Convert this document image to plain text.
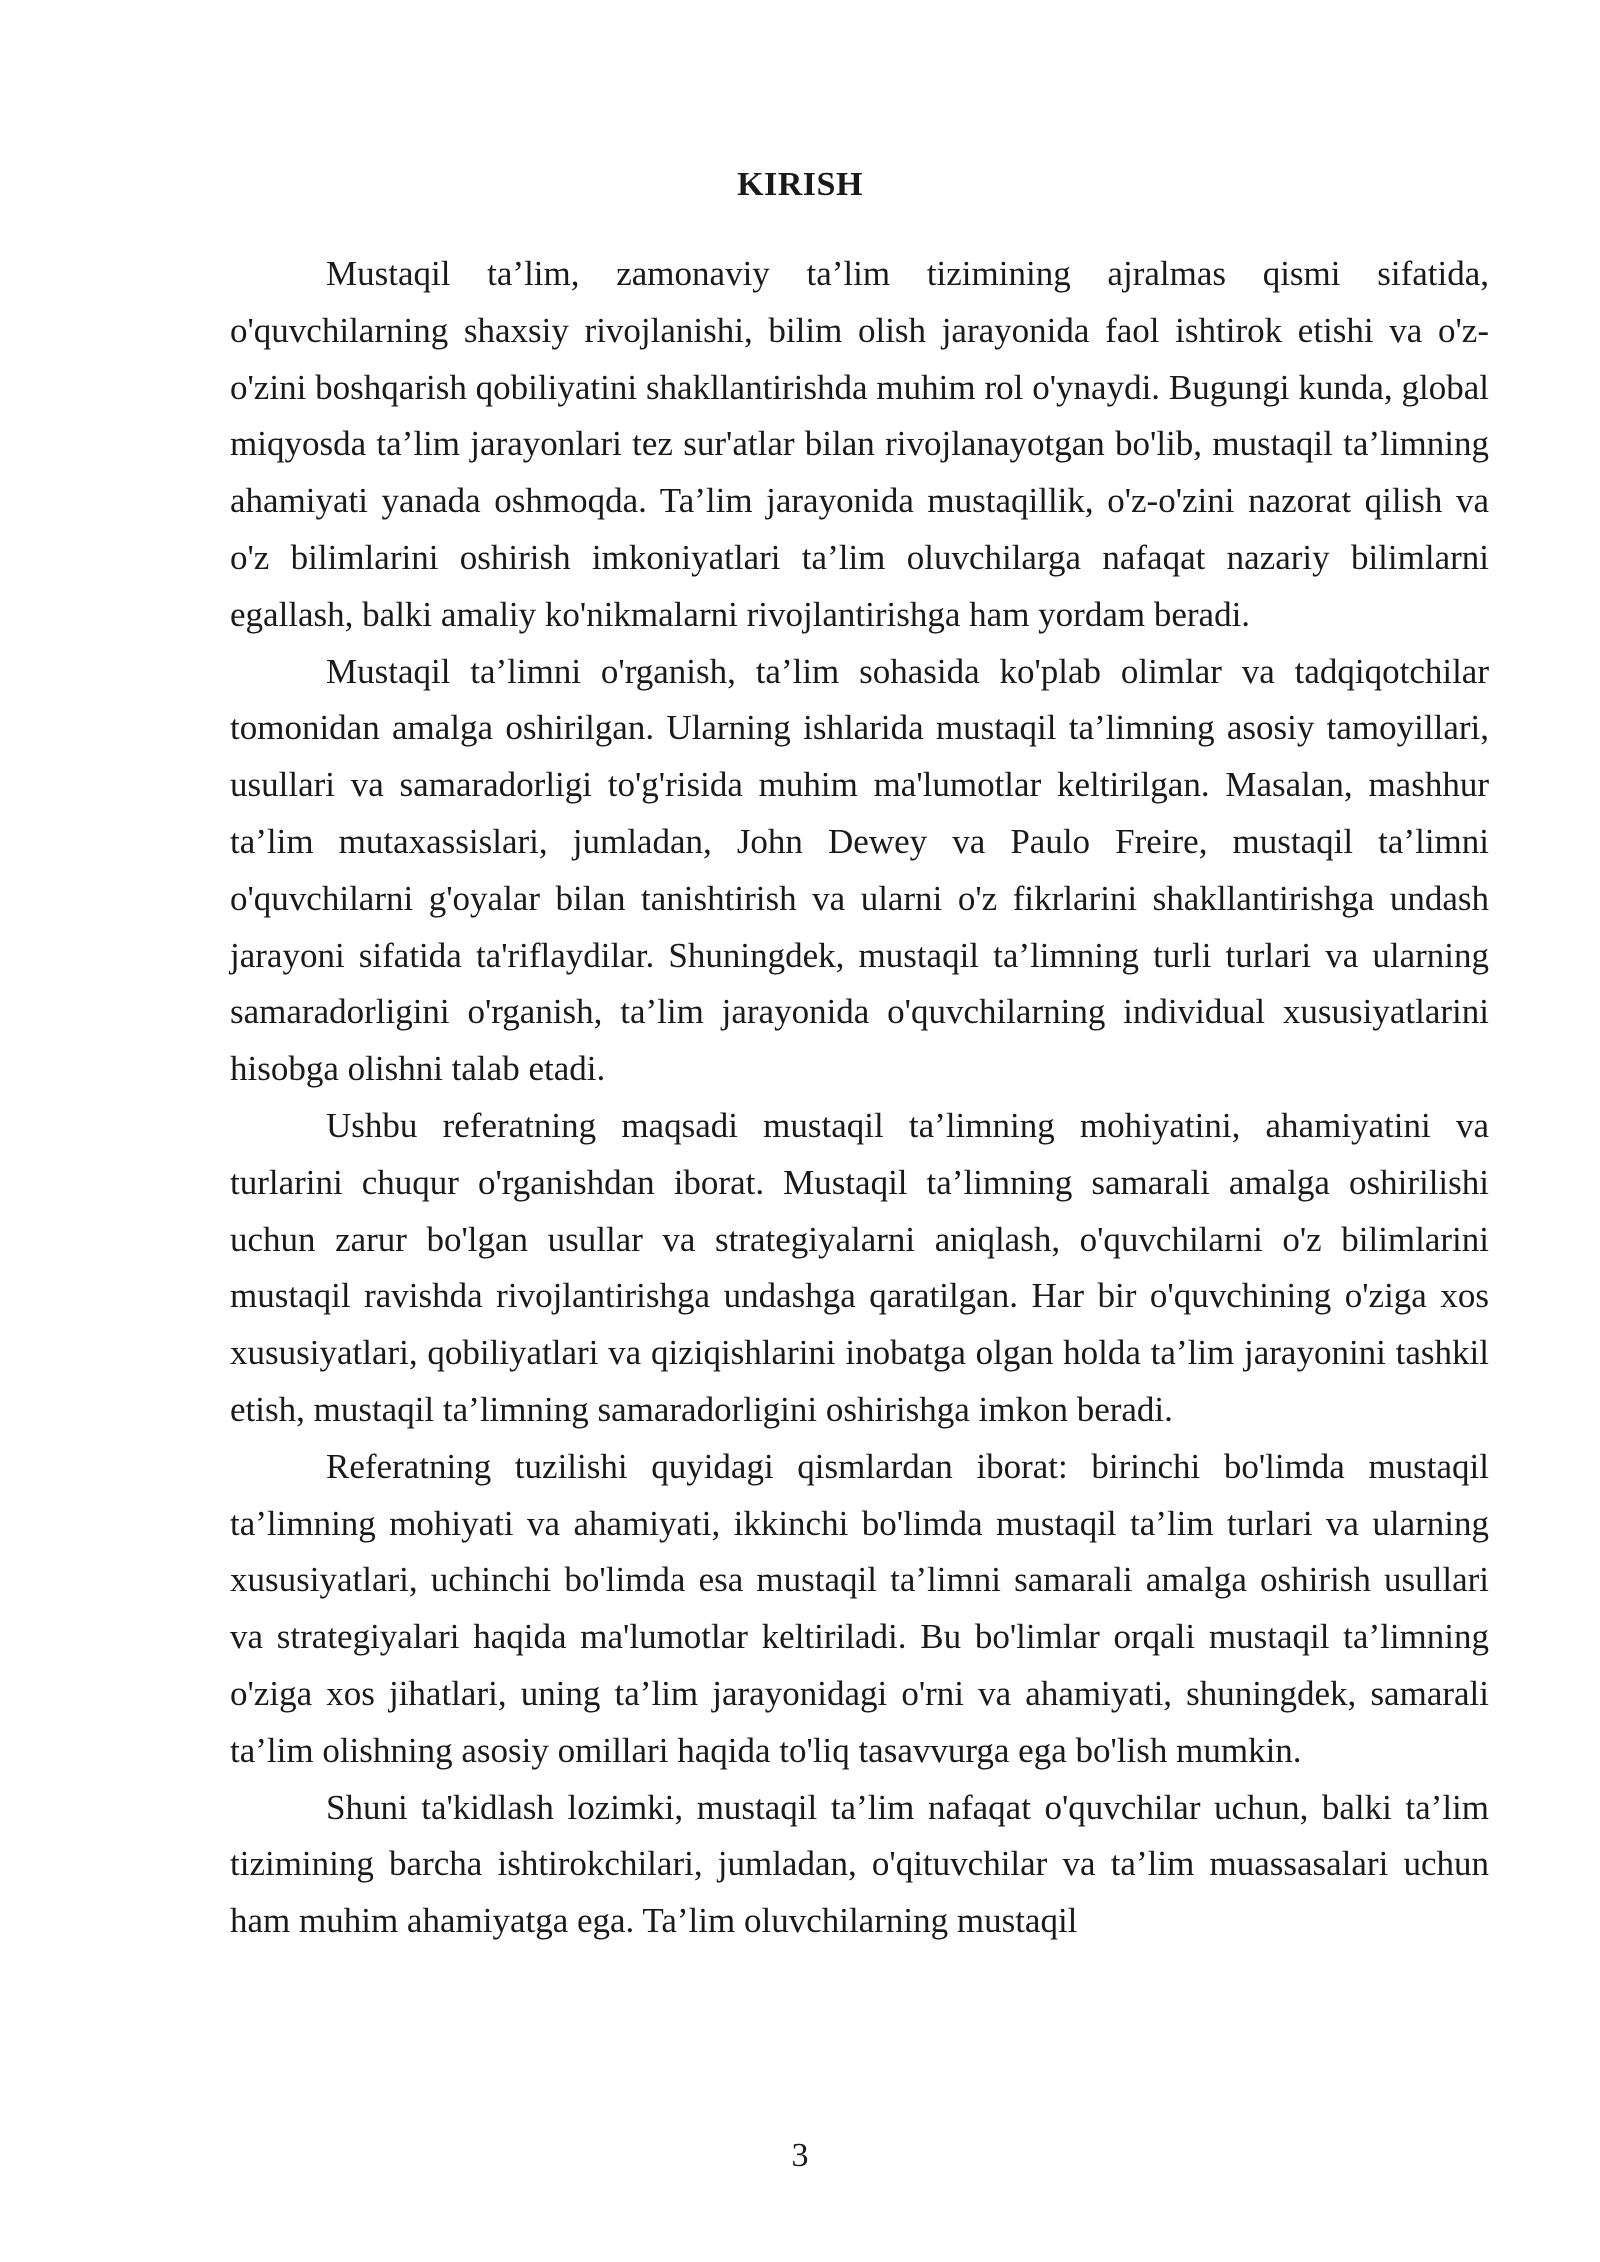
KIRISH

Mustaqil ta’lim, zamonaviy ta’lim tizimining ajralmas qismi sifatida, o'quvchilarning shaxsiy rivojlanishi, bilim olish jarayonida faol ishtirok etishi va o'z-o'zini boshqarish qobiliyatini shakllantirishda muhim rol o'ynaydi. Bugungi kunda, global miqyosda ta’lim jarayonlari tez sur'atlar bilan rivojlanayotgan bo'lib, mustaqil ta’limning ahamiyati yanada oshmoqda. Ta’lim jarayonida mustaqillik, o'z-o'zini nazorat qilish va o'z bilimlarini oshirish imkoniyatlari ta’lim oluvchilarga nafaqat nazariy bilimlarni egallash, balki amaliy ko'nikmalarni rivojlantirishga ham yordam beradi.

Mustaqil ta’limni o'rganish, ta’lim sohasida ko'plab olimlar va tadqiqotchilar tomonidan amalga oshirilgan. Ularning ishlarida mustaqil ta’limning asosiy tamoyillari, usullari va samaradorligi to'g'risida muhim ma'lumotlar keltirilgan. Masalan, mashhur ta’lim mutaxassislari, jumladan, John Dewey va Paulo Freire, mustaqil ta’limni o'quvchilarni g'oyalar bilan tanishtirish va ularni o'z fikrlarini shakllantirishga undash jarayoni sifatida ta'riflaydilar. Shuningdek, mustaqil ta’limning turli turlari va ularning samaradorligini o'rganish, ta’lim jarayonida o'quvchilarning individual xususiyatlarini hisobga olishni talab etadi.

Ushbu referatning maqsadi mustaqil ta’limning mohiyatini, ahamiyatini va turlarini chuqur o'rganishdan iborat. Mustaqil ta’limning samarali amalga oshirilishi uchun zarur bo'lgan usullar va strategiyalarni aniqlash, o'quvchilarni o'z bilimlarini mustaqil ravishda rivojlantirishga undashga qaratilgan. Har bir o'quvchining o'ziga xos xususiyatlari, qobiliyatlari va qiziqishlarini inobatga olgan holda ta’lim jarayonini tashkil etish, mustaqil ta’limning samaradorligini oshirishga imkon beradi.

Referatning tuzilishi quyidagi qismlardan iborat: birinchi bo'limda mustaqil ta’limning mohiyati va ahamiyati, ikkinchi bo'limda mustaqil ta’lim turlari va ularning xususiyatlari, uchinchi bo'limda esa mustaqil ta’limni samarali amalga oshirish usullari va strategiyalari haqida ma'lumotlar keltiriladi. Bu bo'limlar orqali mustaqil ta’limning o'ziga xos jihatlari, uning ta’lim jarayonidagi o'rni va ahamiyati, shuningdek, samarali ta’lim olishning asosiy omillari haqida to'liq tasavvurga ega bo'lish mumkin.

Shuni ta'kidlash lozimki, mustaqil ta’lim nafaqat o'quvchilar uchun, balki ta’lim tizimining barcha ishtirokchilari, jumladan, o'qituvchilar va ta’lim muassasalari uchun ham muhim ahamiyatga ega. Ta’lim oluvchilarning mustaqil

3
